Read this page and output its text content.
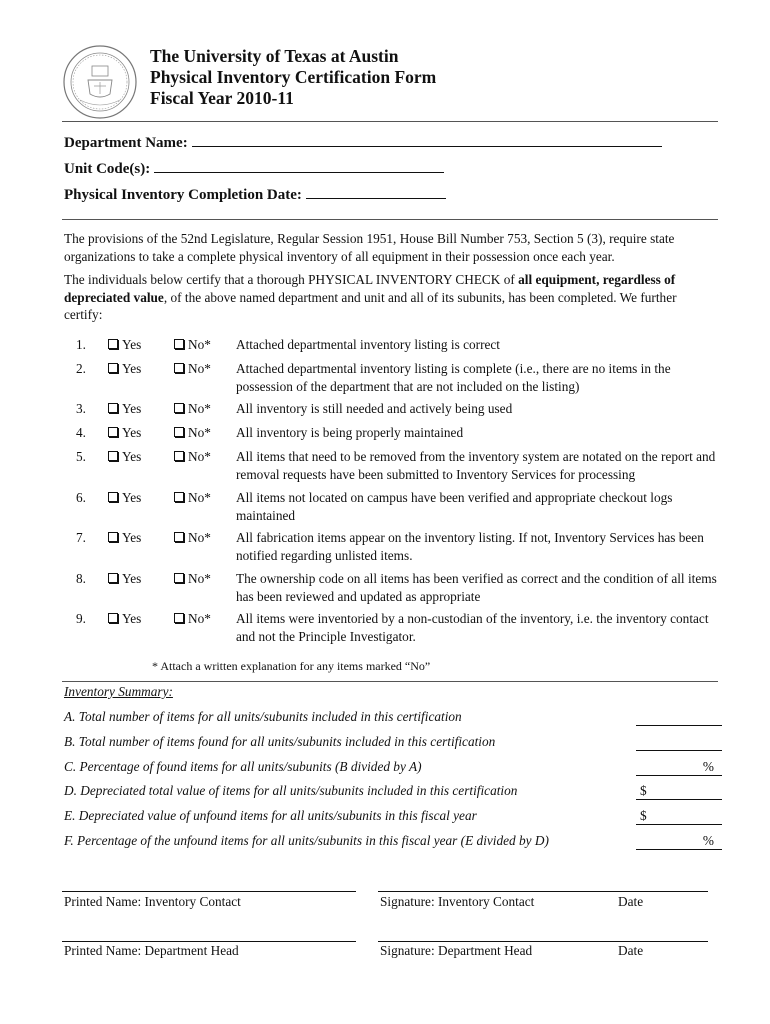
The University of Texas at Austin
Physical Inventory Certification Form
Fiscal Year 2010-11
Department Name:
Unit Code(s):
Physical Inventory Completion Date:

The provisions of the 52nd Legislature, Regular Session 1951, House Bill Number 753, Section 5 (3), require state organizations to take a complete physical inventory of all equipment in their possession once each year.

The individuals below certify that a thorough PHYSICAL INVENTORY CHECK of all equipment, regardless of depreciated value, of the above named department and unit and all of its subunits, has been completed. We further certify:

1.	Yes	No* Attached departmental inventory listing is correct
2.	Yes	No* Attached departmental inventory listing is complete (i.e., there are no items in the possession of the department that are not included on the listing)
3.	Yes	No* All inventory is still needed and actively being used
4.	Yes	No* All inventory is being properly maintained
5.	Yes	No* All items that need to be removed from the inventory system are notated on the report and removal requests have been submitted to Inventory Services for processing
6.	Yes	No* All items not located on campus have been verified and appropriate checkout logs maintained
7.	Yes	No* All fabrication items appear on the inventory listing. If not, Inventory Services has been notified regarding unlisted items.
8.	Yes	No* The ownership code on all items has been verified as correct and the condition of all items has been reviewed and updated as appropriate
9.	Yes	No* All items were inventoried by a non-custodian of the inventory, i.e. the inventory contact and not the Principle Investigator.
* Attach a written explanation for any items marked “No”
Inventory Summary:
A. Total number of items for all units/subunits included in this certification
B. Total number of items found for all units/subunits included in this certification
C. Percentage of found items for all units/subunits (B divided by A)	%
D. Depreciated total value of items for all units/subunits included in this certification	$
E. Depreciated value of unfound items for all units/subunits in this fiscal year	$
F. Percentage of the unfound items for all units/subunits in this fiscal year (E divided by D)	%
Printed Name: Inventory Contact	Signature: Inventory Contact	Date
Printed Name: Department Head	Signature: Department Head	Date
